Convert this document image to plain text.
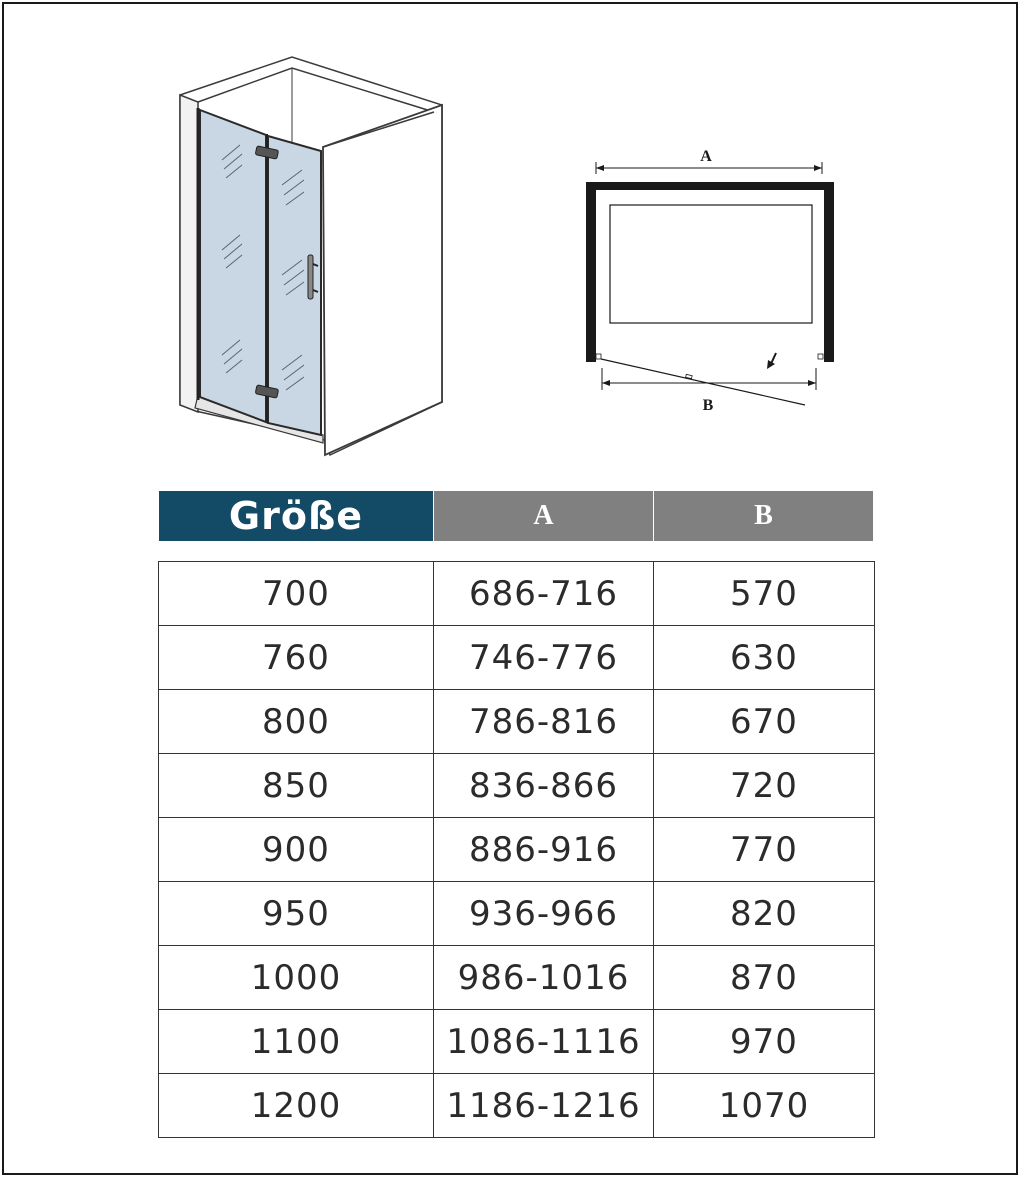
A
B
Größe	A	B
700	686-716	570
760	746-776	630
800	786-816	670
850	836-866	720
900	886-916	770
950	936-966	820
1000	986-1016	870
1100	1086-1116	970
1200	1186-1216	1070
